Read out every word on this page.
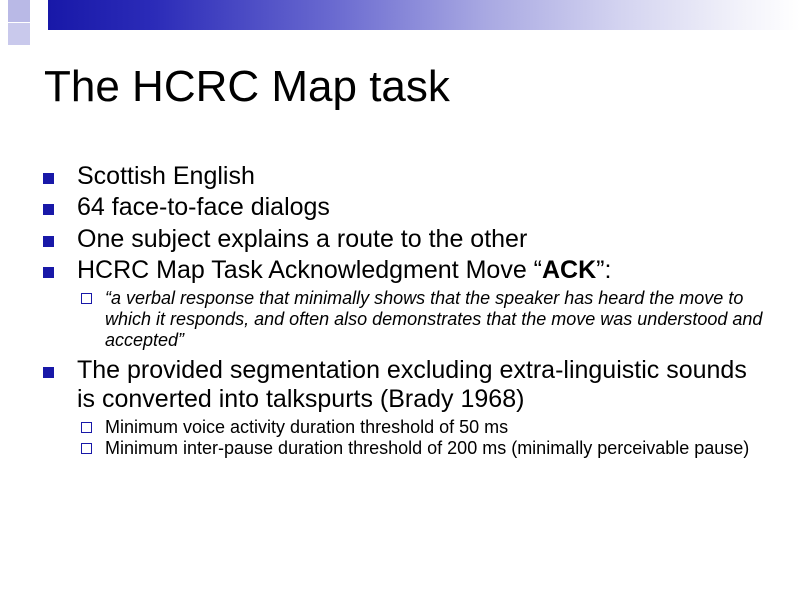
The HCRC Map task
Scottish English
64 face-to-face dialogs
One subject explains a route to the other
HCRC Map Task Acknowledgment Move “ACK”:
“a verbal response that minimally shows that the speaker has heard the move to which it responds, and often also demonstrates that the move was understood and accepted”
The provided segmentation excluding extra-linguistic sounds is converted into talkspurts (Brady 1968)
Minimum voice activity duration threshold of 50 ms
Minimum inter-pause duration threshold of 200 ms (minimally perceivable pause)
